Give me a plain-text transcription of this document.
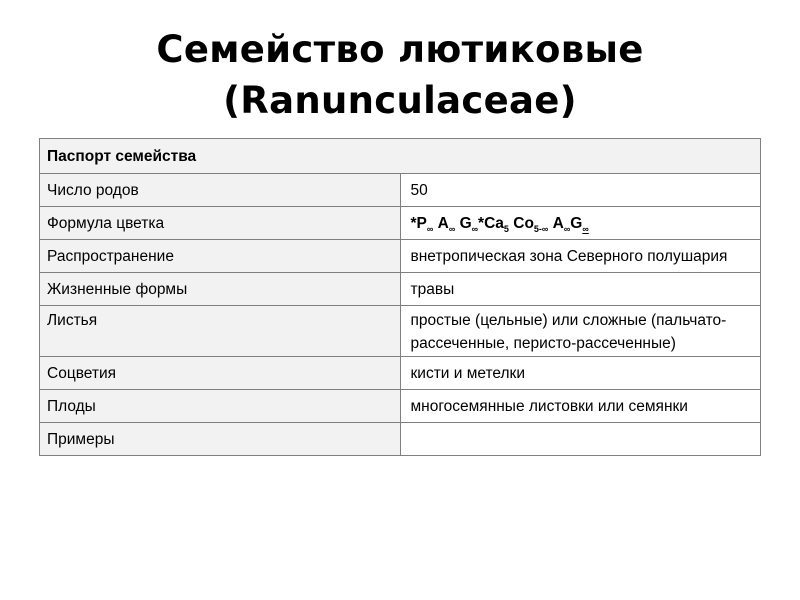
Семейство лютиковые
(Ranunculaceae)
Паспорт семейства	
Число родов	50
Формула цветка	$*P_\infty$ $A_\infty$ $G_\infty*Ca_5$ $Co_{5-\infty}$ $A_\infty G_\infty$
Распространение	внетропическая зона Северного полушария
Жизненные формы	травы
Листья	простые (цельные) или сложные (пальчато-рассеченные, перисто-рассеченные)
Соцветия	кисти и метелки
Плоды	многосемянные листовки или семянки
Примеры	
